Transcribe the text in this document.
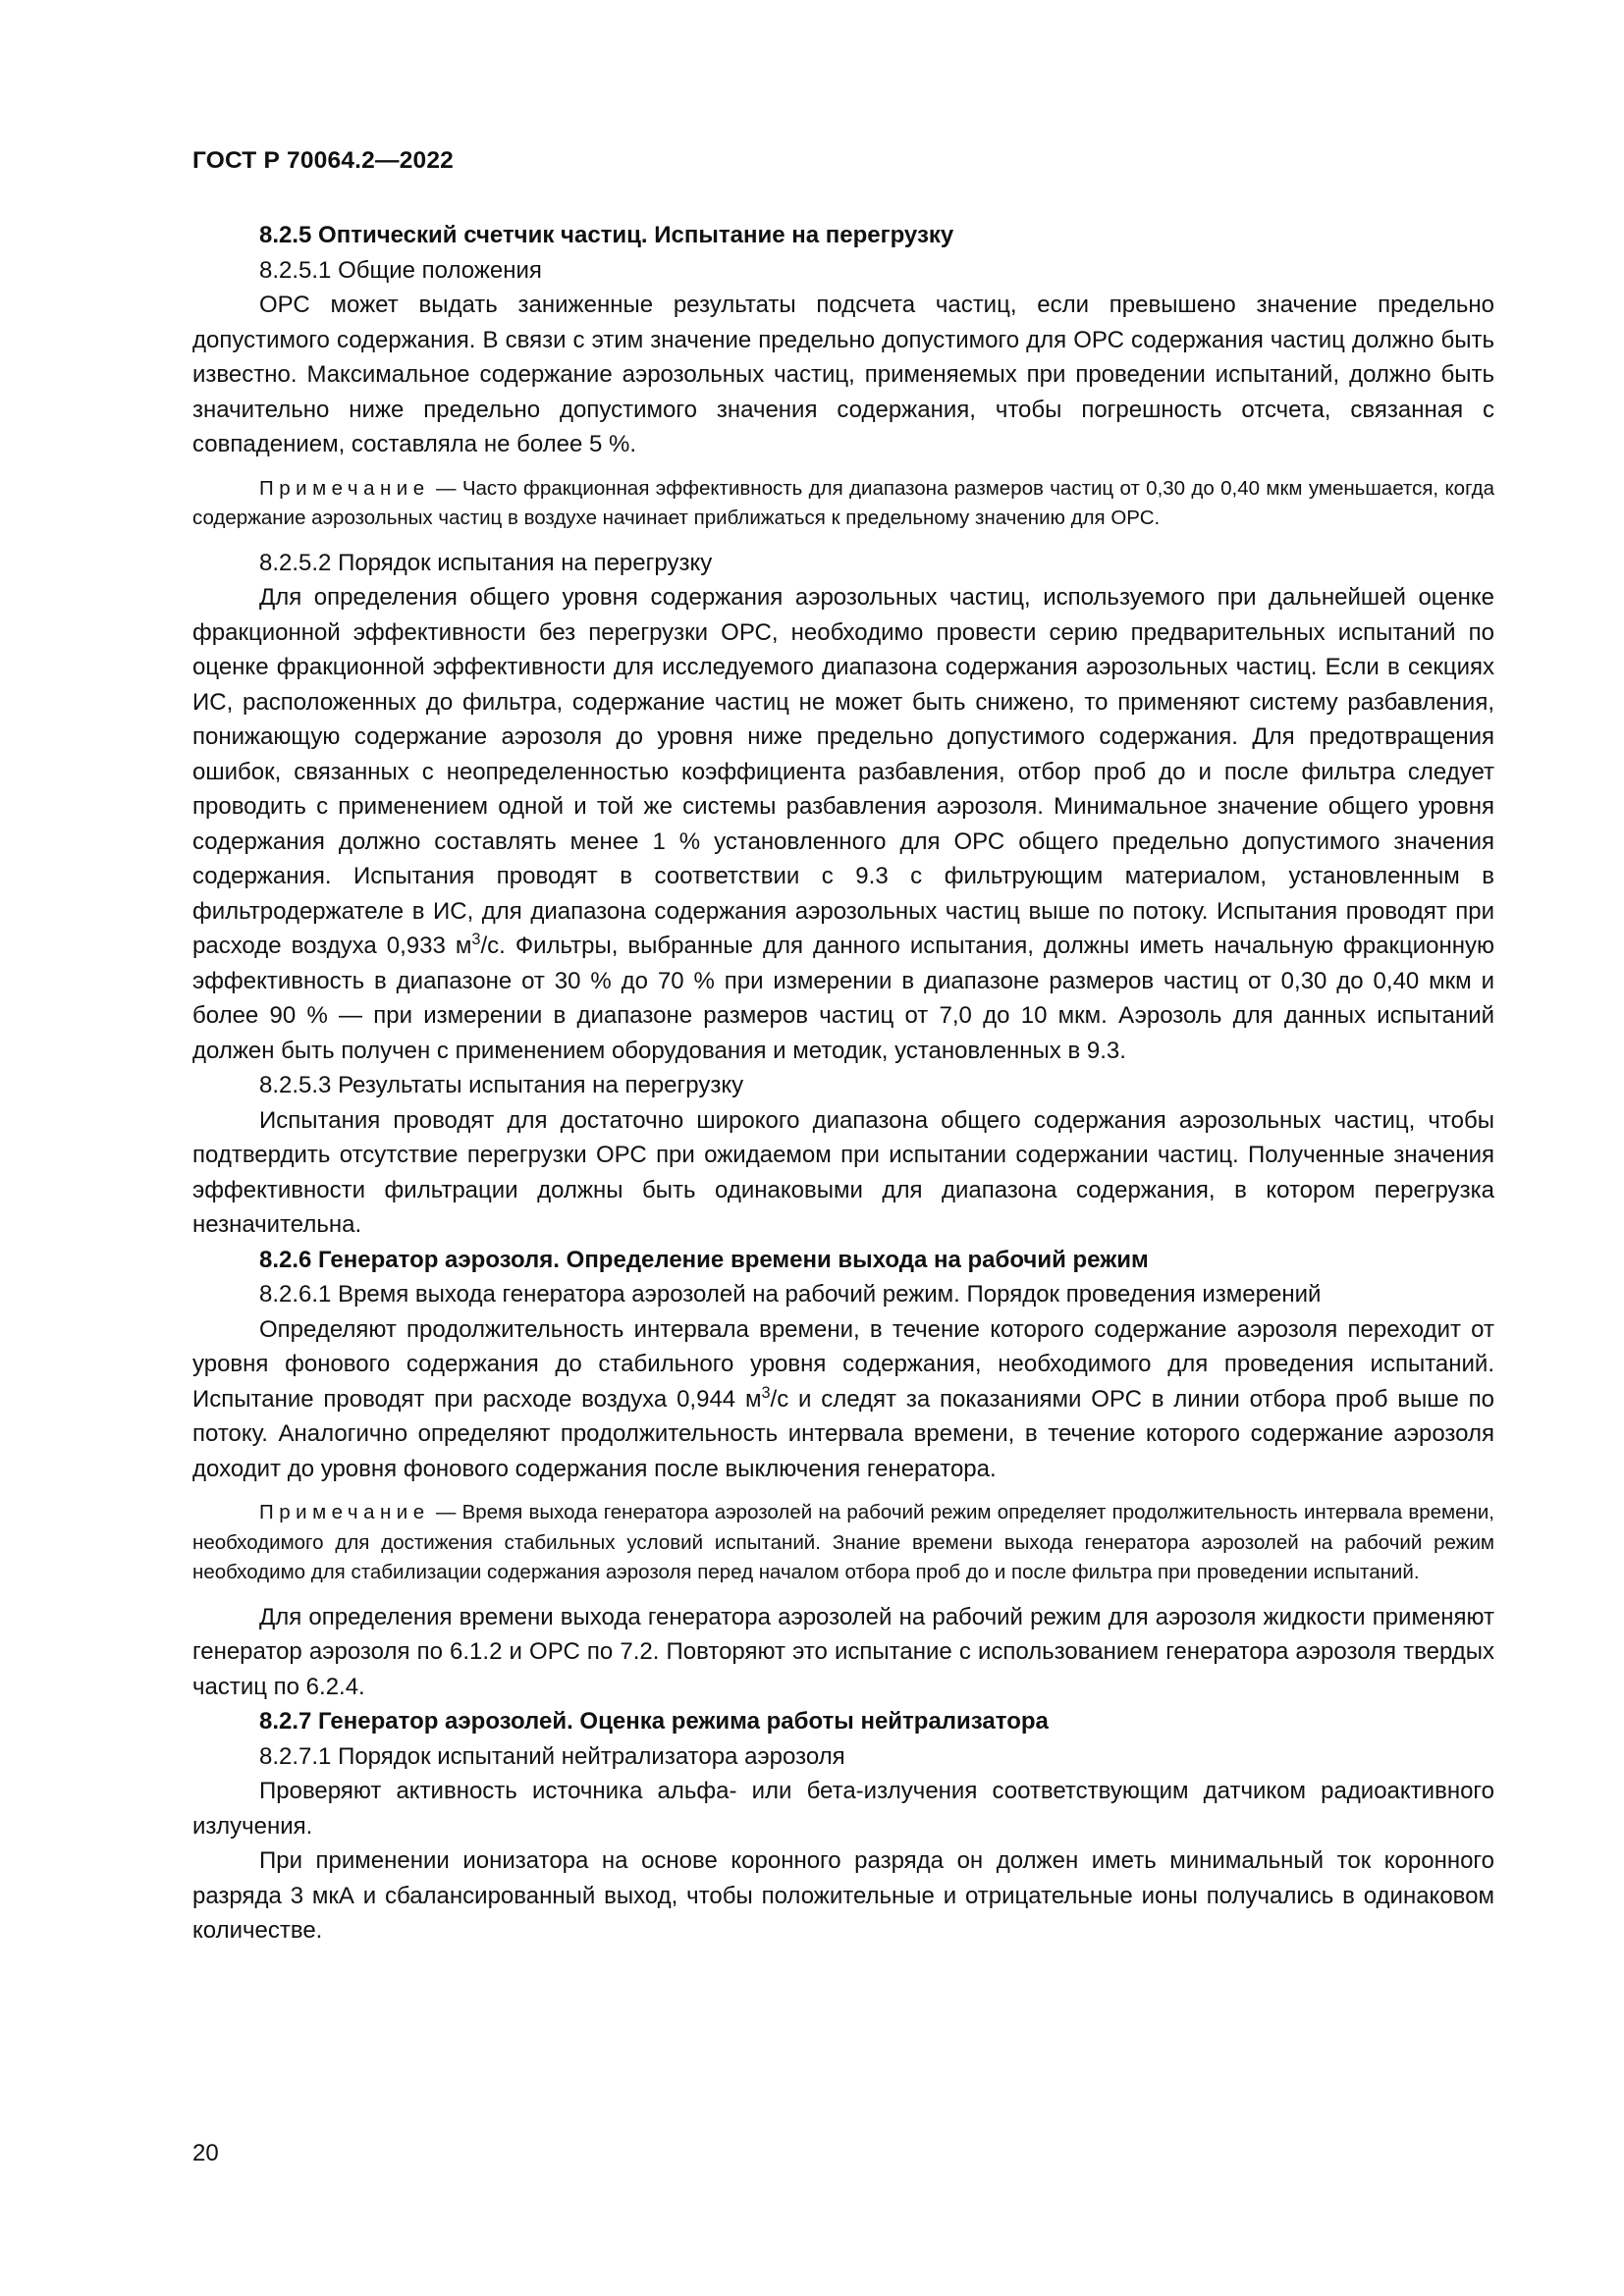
ГОСТ Р 70064.2—2022

8.2.5 Оптический счетчик частиц. Испытание на перегрузку

8.2.5.1 Общие положения

ОРС может выдать заниженные результаты подсчета частиц, если превышено значение предельно допустимого содержания. В связи с этим значение предельно допустимого для ОРС содержания частиц должно быть известно. Максимальное содержание аэрозольных частиц, применяемых при проведении испытаний, должно быть значительно ниже предельно допустимого значения содержания, чтобы погрешность отсчета, связанная с совпадением, составляла не более 5 %.

Примечание — Часто фракционная эффективность для диапазона размеров частиц от 0,30 до 0,40 мкм уменьшается, когда содержание аэрозольных частиц в воздухе начинает приближаться к предельному значению для ОРС.

8.2.5.2 Порядок испытания на перегрузку

Для определения общего уровня содержания аэрозольных частиц, используемого при дальнейшей оценке фракционной эффективности без перегрузки ОРС, необходимо провести серию предварительных испытаний по оценке фракционной эффективности для исследуемого диапазона содержания аэрозольных частиц. Если в секциях ИС, расположенных до фильтра, содержание частиц не может быть снижено, то применяют систему разбавления, понижающую содержание аэрозоля до уровня ниже предельно допустимого содержания. Для предотвращения ошибок, связанных с неопределенностью коэффициента разбавления, отбор проб до и после фильтра следует проводить с применением одной и той же системы разбавления аэрозоля. Минимальное значение общего уровня содержания должно составлять менее 1 % установленного для ОРС общего предельно допустимого значения содержания. Испытания проводят в соответствии с 9.3 с фильтрующим материалом, установленным в фильтродержателе в ИС, для диапазона содержания аэрозольных частиц выше по потоку. Испытания проводят при расходе воздуха 0,933 $м^3/с$. Фильтры, выбранные для данного испытания, должны иметь начальную фракционную эффективность в диапазоне от 30 % до 70 % при измерении в диапазоне размеров частиц от 0,30 до 0,40 мкм и более 90 % — при измерении в диапазоне размеров частиц от 7,0 до 10 мкм. Аэрозоль для данных испытаний должен быть получен с применением оборудования и методик, установленных в 9.3.

8.2.5.3 Результаты испытания на перегрузку

Испытания проводят для достаточно широкого диапазона общего содержания аэрозольных частиц, чтобы подтвердить отсутствие перегрузки ОРС при ожидаемом при испытании содержании частиц. Полученные значения эффективности фильтрации должны быть одинаковыми для диапазона содержания, в котором перегрузка незначительна.

8.2.6 Генератор аэрозоля. Определение времени выхода на рабочий режим

8.2.6.1 Время выхода генератора аэрозолей на рабочий режим. Порядок проведения измерений

Определяют продолжительность интервала времени, в течение которого содержание аэрозоля переходит от уровня фонового содержания до стабильного уровня содержания, необходимого для проведения испытаний. Испытание проводят при расходе воздуха 0,944 $м^3/с$ и следят за показаниями ОРС в линии отбора проб выше по потоку. Аналогично определяют продолжительность интервала времени, в течение которого содержание аэрозоля доходит до уровня фонового содержания после выключения генератора.

Примечание — Время выхода генератора аэрозолей на рабочий режим определяет продолжительность интервала времени, необходимого для достижения стабильных условий испытаний. Знание времени выхода генератора аэрозолей на рабочий режим необходимо для стабилизации содержания аэрозоля перед началом отбора проб до и после фильтра при проведении испытаний.

Для определения времени выхода генератора аэрозолей на рабочий режим для аэрозоля жидкости применяют генератор аэрозоля по 6.1.2 и ОРС по 7.2. Повторяют это испытание с использованием генератора аэрозоля твердых частиц по 6.2.4.

8.2.7 Генератор аэрозолей. Оценка режима работы нейтрализатора

8.2.7.1 Порядок испытаний нейтрализатора аэрозоля

Проверяют активность источника альфа- или бета-излучения соответствующим датчиком радиоактивного излучения.

При применении ионизатора на основе коронного разряда он должен иметь минимальный ток коронного разряда 3 мкА и сбалансированный выход, чтобы положительные и отрицательные ионы получались в одинаковом количестве.

20
